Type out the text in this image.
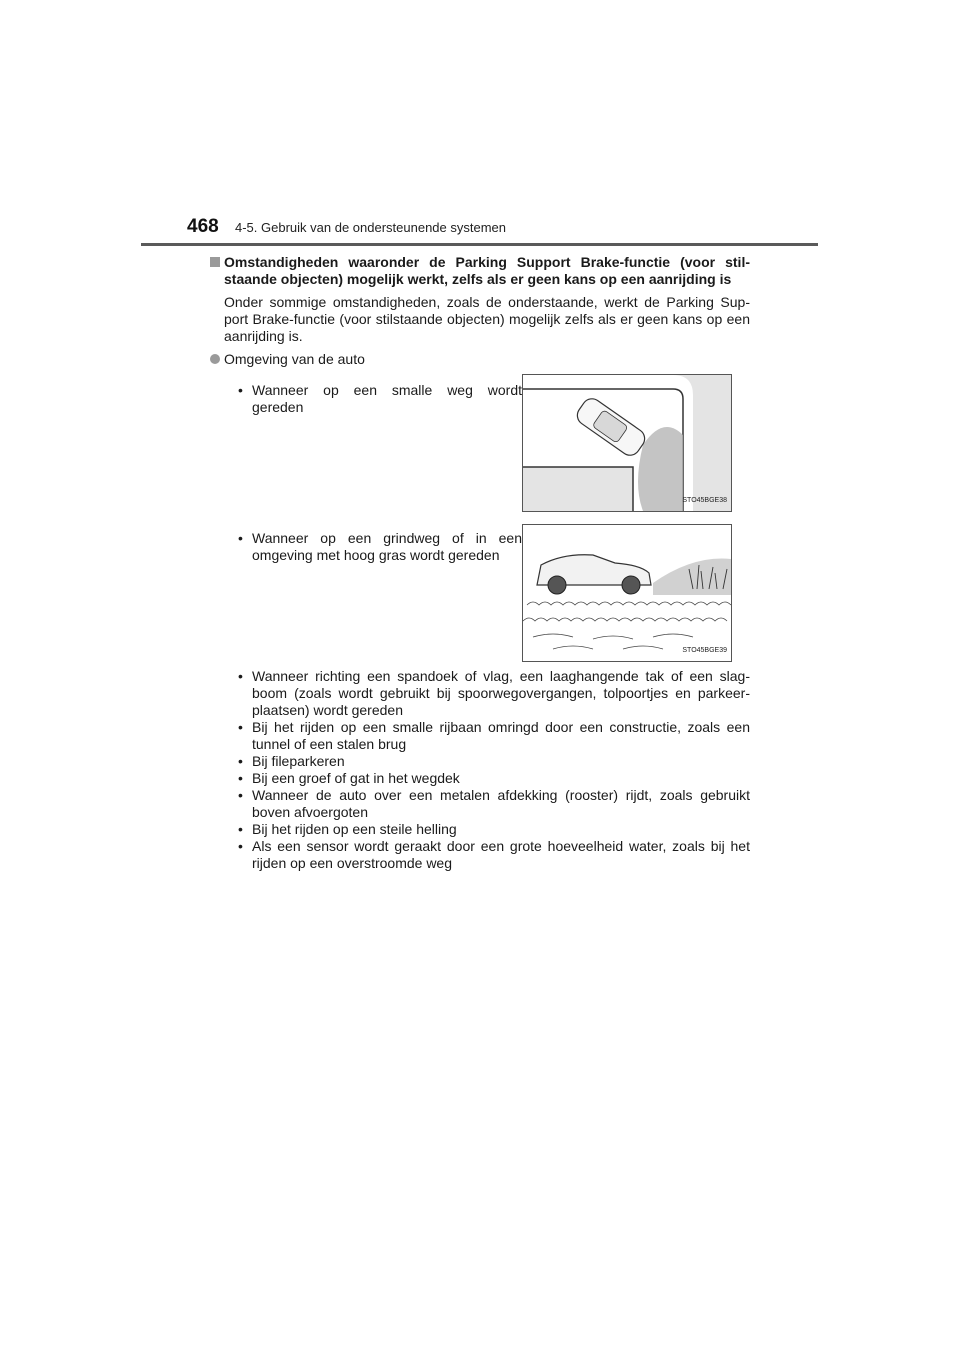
468 4-5. Gebruik van de ondersteunende systemen
Omstandigheden waaronder de Parking Support Brake-functie (voor stil-staande objecten) mogelijk werkt, zelfs als er geen kans op een aanrijding is
Onder sommige omstandigheden, zoals de onderstaande, werkt de Parking Sup-port Brake-functie (voor stilstaande objecten) mogelijk zelfs als er geen kans op een aanrijding is.
Omgeving van de auto
• Wanneer op een smalle weg wordt gereden
STO45BGE38
• Wanneer op een grindweg of in een omgeving met hoog gras wordt gereden
STO45BGE39
• Wanneer richting een spandoek of vlag, een laaghangende tak of een slag-boom (zoals wordt gebruikt bij spoorwegovergangen, tolpoortjes en parkeer-plaatsen) wordt gereden
• Bij het rijden op een smalle rijbaan omringd door een constructie, zoals een tunnel of een stalen brug
• Bij fileparkeren
• Bij een groef of gat in het wegdek
• Wanneer de auto over een metalen afdekking (rooster) rijdt, zoals gebruikt boven afvoergoten
• Bij het rijden op een steile helling
• Als een sensor wordt geraakt door een grote hoeveelheid water, zoals bij het rijden op een overstroomde weg
